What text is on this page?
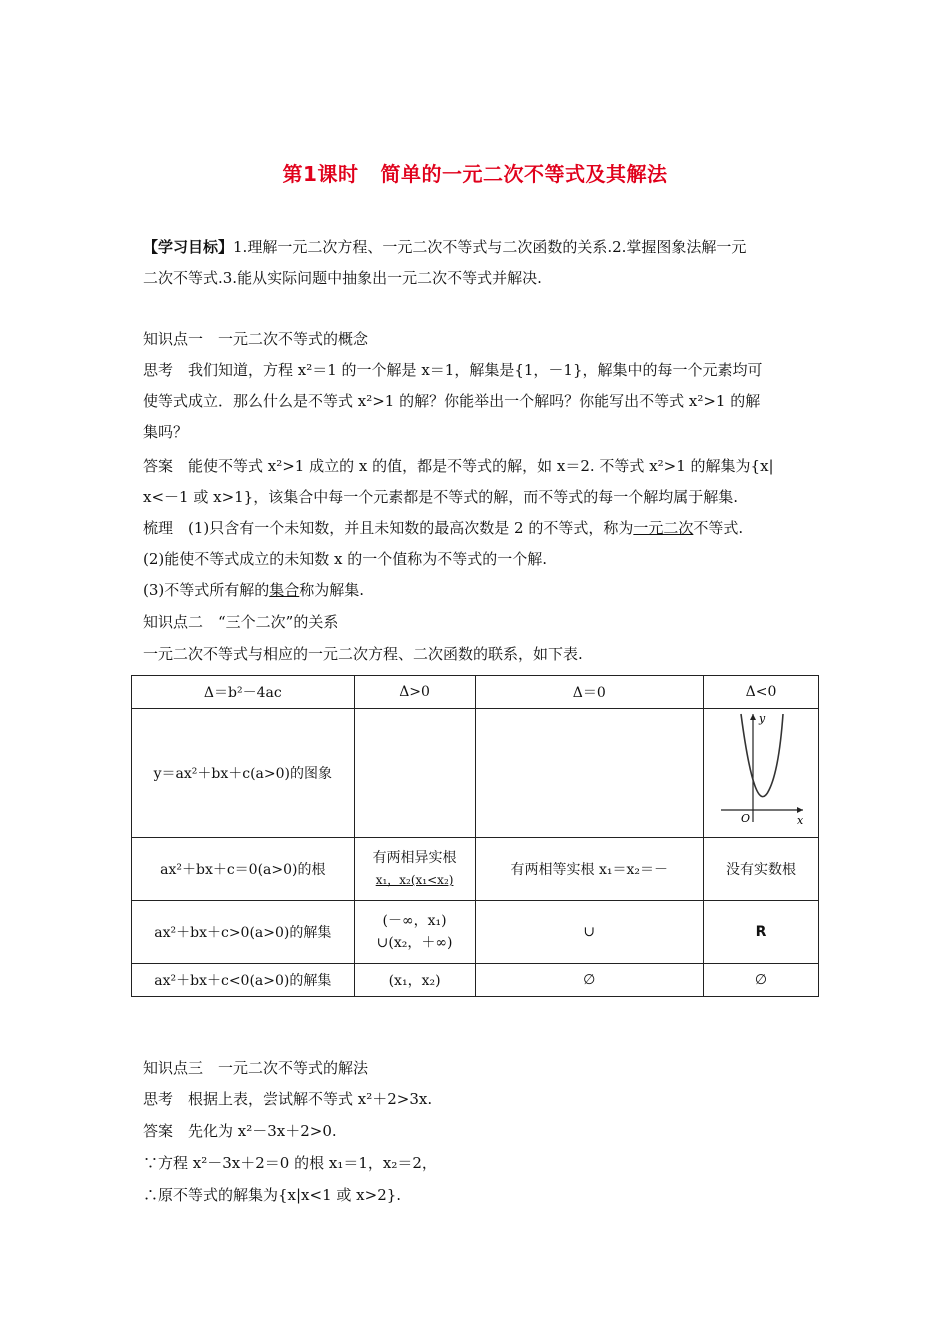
第1课时 简单的一元二次不等式及其解法
【学习目标】1.理解一元二次方程、一元二次不等式与二次函数的关系.2.掌握图象法解一元
二次不等式.3.能从实际问题中抽象出一元二次不等式并解决.
知识点一　一元二次不等式的概念
思考　我们知道，方程 x²＝1 的一个解是 x＝1，解集是{1，－1}，解集中的每一个元素均可
使等式成立．那么什么是不等式 x²>1 的解？你能举出一个解吗？你能写出不等式 x²>1 的解
集吗？
答案　能使不等式 x²>1 成立的 x 的值，都是不等式的解，如 x＝2. 不等式 x²>1 的解集为{x|
x<－1 或 x>1}，该集合中每一个元素都是不等式的解，而不等式的每一个解均属于解集.
梳理　(1)只含有一个未知数，并且未知数的最高次数是 2 的不等式，称为一元二次不等式.
(2)能使不等式成立的未知数 x 的一个值称为不等式的一个解.
(3)不等式所有解的集合称为解集.
知识点二　“三个二次”的关系
一元二次不等式与相应的一元二次方程、二次函数的联系，如下表.
Δ＝b²－4ac	Δ>0	Δ＝0	Δ<0
y＝ax²＋bx＋c(a>0)的图象			y
x
O

ax²＋bx＋c＝0(a>0)的根	有两相异实根
x₁，x₂(x₁<x₂)	有两相等实根 x₁＝x₂＝－	没有实数根
ax²＋bx＋c>0(a>0)的解集	(－∞，x₁)
∪(x₂，＋∞)	∪	R
ax²＋bx＋c<0(a>0)的解集	(x₁，x₂)	∅	∅
知识点三　一元二次不等式的解法
思考　根据上表，尝试解不等式 x²＋2>3x.
答案　先化为 x²－3x＋2>0.
∵方程 x²－3x＋2＝0 的根 x₁＝1，x₂＝2，
∴原不等式的解集为{x|x<1 或 x>2}.
